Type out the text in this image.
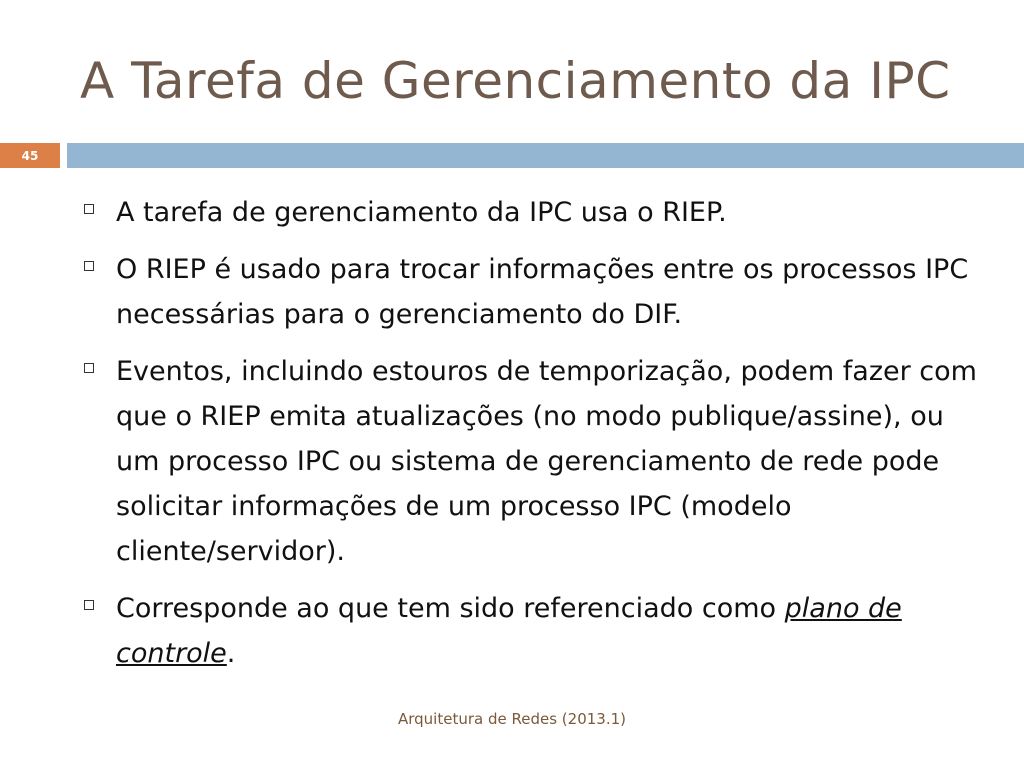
A Tarefa de Gerenciamento da IPC
45
A tarefa de gerenciamento da IPC usa o RIEP.
O RIEP é usado para trocar informações entre os processos IPC necessárias para o gerenciamento do DIF.
Eventos, incluindo estouros de temporização, podem fazer com que o RIEP emita atualizações (no modo publique/assine), ou um processo IPC ou sistema de gerenciamento de rede pode solicitar informações de um processo IPC (modelo cliente/servidor).
Corresponde ao que tem sido referenciado como plano de controle.
Arquitetura de Redes (2013.1)
